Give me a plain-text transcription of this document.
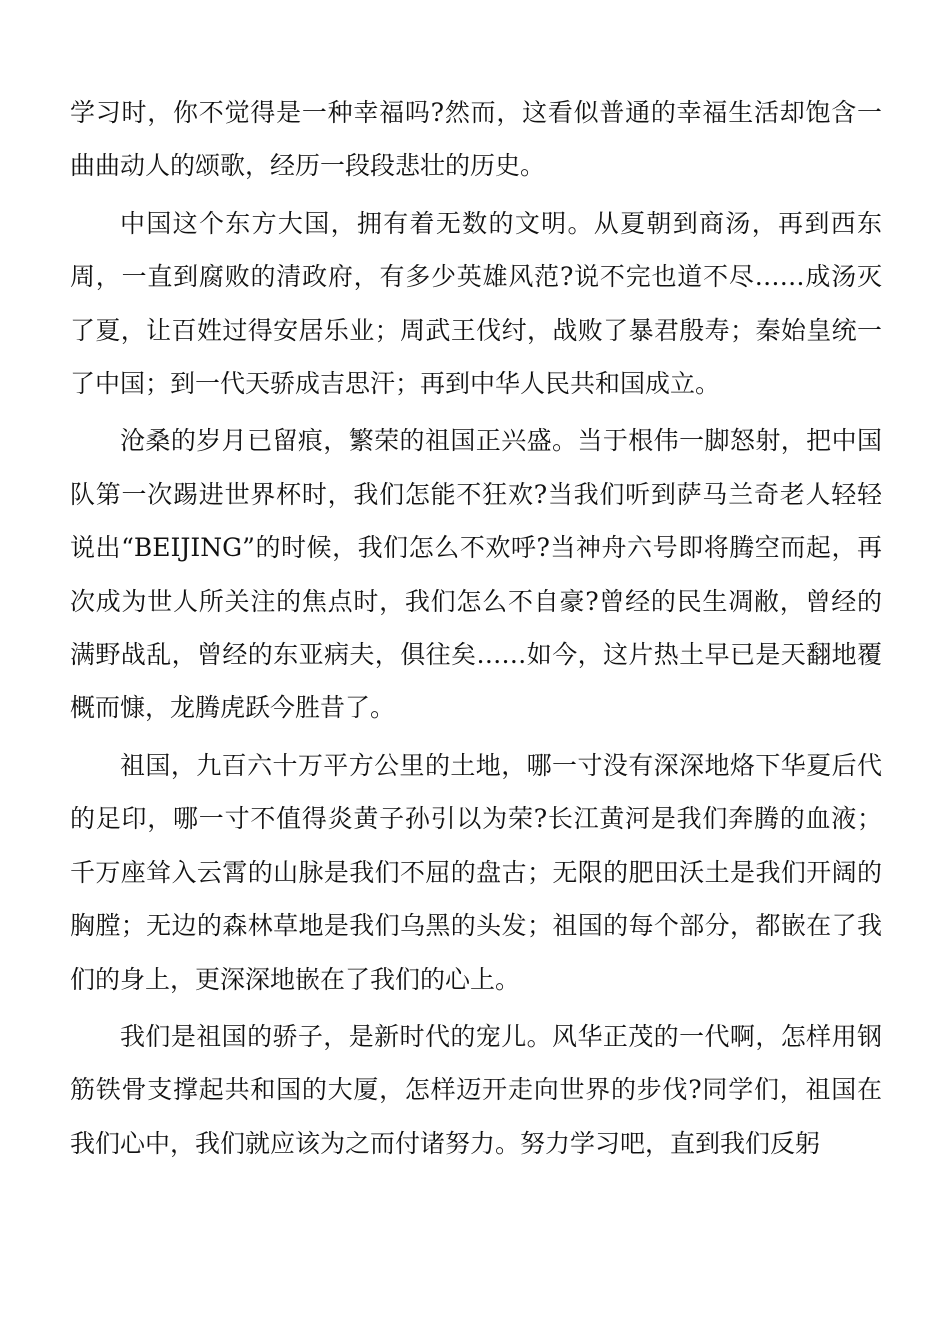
学习时，你不觉得是一种幸福吗?然而，这看似普通的幸福生活却饱含一曲曲动人的颂歌，经历一段段悲壮的历史。

中国这个东方大国，拥有着无数的文明。从夏朝到商汤，再到西东周，一直到腐败的清政府，有多少英雄风范?说不完也道不尽……成汤灭了夏，让百姓过得安居乐业；周武王伐纣，战败了暴君殷寿；秦始皇统一了中国；到一代天骄成吉思汗；再到中华人民共和国成立。

沧桑的岁月已留痕，繁荣的祖国正兴盛。当于根伟一脚怒射，把中国队第一次踢进世界杯时，我们怎能不狂欢?当我们听到萨马兰奇老人轻轻说出“BEIJING”的时候，我们怎么不欢呼?当神舟六号即将腾空而起，再次成为世人所关注的焦点时，我们怎么不自豪?曾经的民生凋敝，曾经的满野战乱，曾经的东亚病夫，俱往矣……如今，这片热土早已是天翻地覆概而慷，龙腾虎跃今胜昔了。

祖国，九百六十万平方公里的土地，哪一寸没有深深地烙下华夏后代的足印，哪一寸不值得炎黄子孙引以为荣?长江黄河是我们奔腾的血液；千万座耸入云霄的山脉是我们不屈的盘古；无限的肥田沃土是我们开阔的胸膛；无边的森林草地是我们乌黑的头发；祖国的每个部分，都嵌在了我们的身上，更深深地嵌在了我们的心上。

我们是祖国的骄子，是新时代的宠儿。风华正茂的一代啊，怎样用钢筋铁骨支撑起共和国的大厦，怎样迈开走向世界的步伐?同学们，祖国在我们心中，我们就应该为之而付诸努力。努力学习吧，直到我们反躬
